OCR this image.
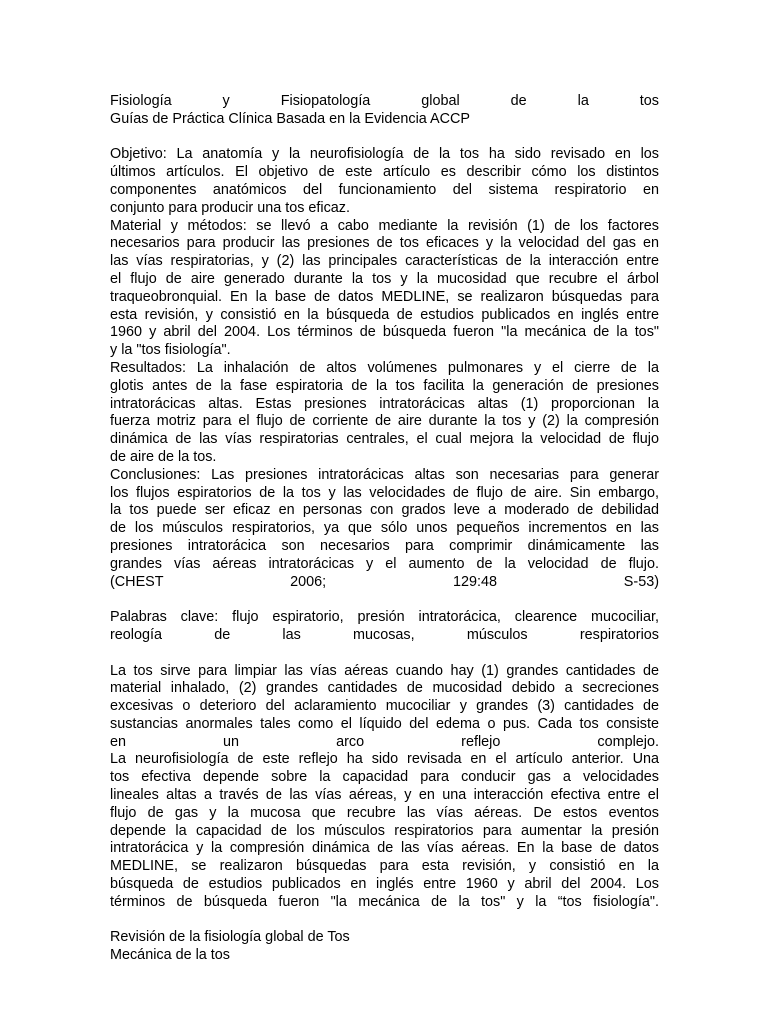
Fisiología y Fisiopatología global de la tos
Guías de Práctica Clínica Basada en la Evidencia ACCP
Objetivo: La anatomía y la neurofisiología de la tos ha sido revisado en los
últimos artículos. El objetivo de este artículo es describir cómo los distintos
componentes anatómicos del funcionamiento del sistema respiratorio en
conjunto para producir una tos eficaz.
Material y métodos: se llevó a cabo mediante la revisión (1) de los factores
necesarios para producir las presiones de tos eficaces y la velocidad del gas en
las vías respiratorias, y (2) las principales características de la interacción entre
el flujo de aire generado durante la tos y la mucosidad que recubre el árbol
traqueobronquial. En la base de datos MEDLINE, se realizaron búsquedas para
esta revisión, y consistió en la búsqueda de estudios publicados en inglés entre
1960 y abril del 2004. Los términos de búsqueda fueron "la mecánica de la tos"
y la "tos fisiología".
Resultados: La inhalación de altos volúmenes pulmonares y el cierre de la
glotis antes de la fase espiratoria de la tos facilita la generación de presiones
intratorácicas altas. Estas presiones intratorácicas altas (1) proporcionan la
fuerza motriz para el flujo de corriente de aire durante la tos y (2) la compresión
dinámica de las vías respiratorias centrales, el cual mejora la velocidad de flujo
de aire de la tos.
Conclusiones: Las presiones intratorácicas altas son necesarias para generar
los flujos espiratorios de la tos y las velocidades de flujo de aire. Sin embargo,
la tos puede ser eficaz en personas con grados leve a moderado de debilidad
de los músculos respiratorios, ya que sólo unos pequeños incrementos en las
presiones intratorácica son necesarios para comprimir dinámicamente las
grandes vías aéreas intratorácicas y el aumento de la velocidad de flujo.
(CHEST 2006; 129:48 S-53)
Palabras clave: flujo espiratorio, presión intratorácica, clearence mucociliar,
reología de las mucosas, músculos respiratorios
La tos sirve para limpiar las vías aéreas cuando hay (1) grandes cantidades de
material inhalado, (2) grandes cantidades de mucosidad debido a secreciones
excesivas o deterioro del aclaramiento mucociliar y grandes (3) cantidades de
sustancias anormales tales como el líquido del edema o pus. Cada tos consiste
en un arco reflejo complejo.
La neurofisiología de este reflejo ha sido revisada en el artículo anterior. Una
tos efectiva depende sobre la capacidad para conducir gas a velocidades
lineales altas a través de las vías aéreas, y en una interacción efectiva entre el
flujo de gas y la mucosa que recubre las vías aéreas. De estos eventos
depende la capacidad de los músculos respiratorios para aumentar la presión
intratorácica y la compresión dinámica de las vías aéreas. En la base de datos
MEDLINE, se realizaron búsquedas para esta revisión, y consistió en la
búsqueda de estudios publicados en inglés entre 1960 y abril del 2004. Los
términos de búsqueda fueron "la mecánica de la tos" y la “tos fisiología".
Revisión de la fisiología global de Tos
Mecánica de la tos
